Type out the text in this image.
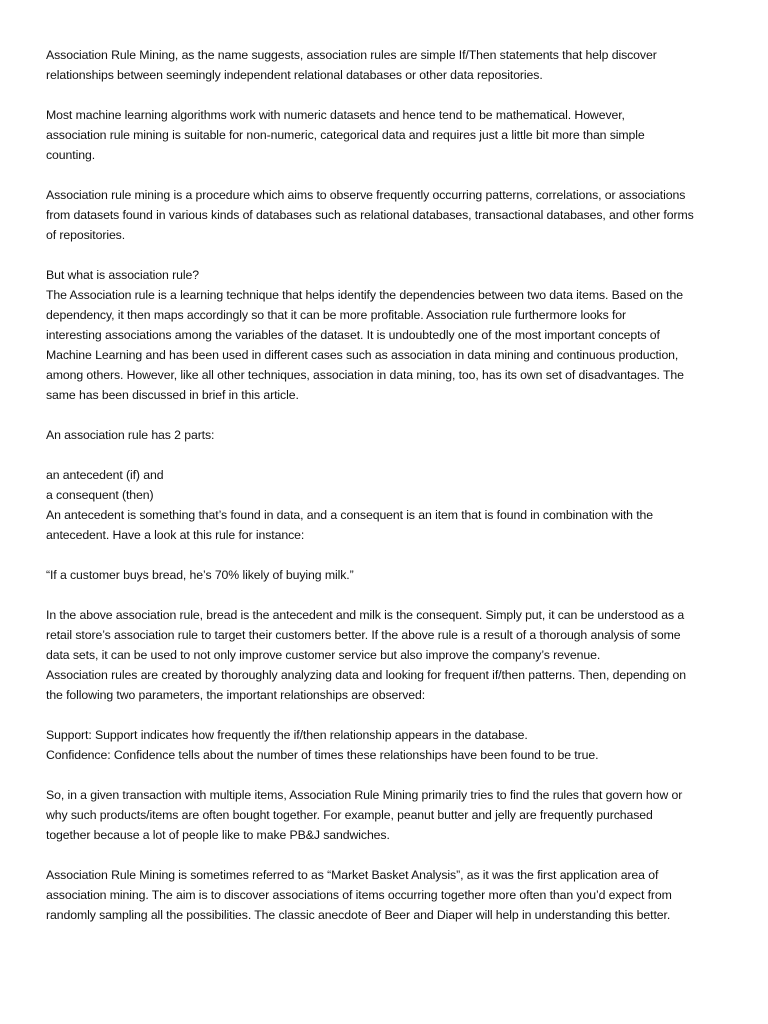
Association Rule Mining, as the name suggests, association rules are simple If/Then statements that help discover
relationships between seemingly independent relational databases or other data repositories.
Most machine learning algorithms work with numeric datasets and hence tend to be mathematical. However,
association rule mining is suitable for non-numeric, categorical data and requires just a little bit more than simple
counting.
Association rule mining is a procedure which aims to observe frequently occurring patterns, correlations, or associations
from datasets found in various kinds of databases such as relational databases, transactional databases, and other forms
of repositories.
But what is association rule?
The Association rule is a learning technique that helps identify the dependencies between two data items. Based on the
dependency, it then maps accordingly so that it can be more profitable. Association rule furthermore looks for
interesting associations among the variables of the dataset. It is undoubtedly one of the most important concepts of
Machine Learning and has been used in different cases such as association in data mining and continuous production,
among others. However, like all other techniques, association in data mining, too, has its own set of disadvantages. The
same has been discussed in brief in this article.
An association rule has 2 parts:
an antecedent (if) and
a consequent (then)
An antecedent is something that’s found in data, and a consequent is an item that is found in combination with the
antecedent. Have a look at this rule for instance:
“If a customer buys bread, he’s 70% likely of buying milk.”
In the above association rule, bread is the antecedent and milk is the consequent. Simply put, it can be understood as a
retail store’s association rule to target their customers better. If the above rule is a result of a thorough analysis of some
data sets, it can be used to not only improve customer service but also improve the company’s revenue.
Association rules are created by thoroughly analyzing data and looking for frequent if/then patterns. Then, depending on
the following two parameters, the important relationships are observed:
Support: Support indicates how frequently the if/then relationship appears in the database.
Confidence: Confidence tells about the number of times these relationships have been found to be true.
So, in a given transaction with multiple items, Association Rule Mining primarily tries to find the rules that govern how or
why such products/items are often bought together. For example, peanut butter and jelly are frequently purchased
together because a lot of people like to make PB&J sandwiches.
Association Rule Mining is sometimes referred to as “Market Basket Analysis”, as it was the first application area of
association mining. The aim is to discover associations of items occurring together more often than you’d expect from
randomly sampling all the possibilities. The classic anecdote of Beer and Diaper will help in understanding this better.
